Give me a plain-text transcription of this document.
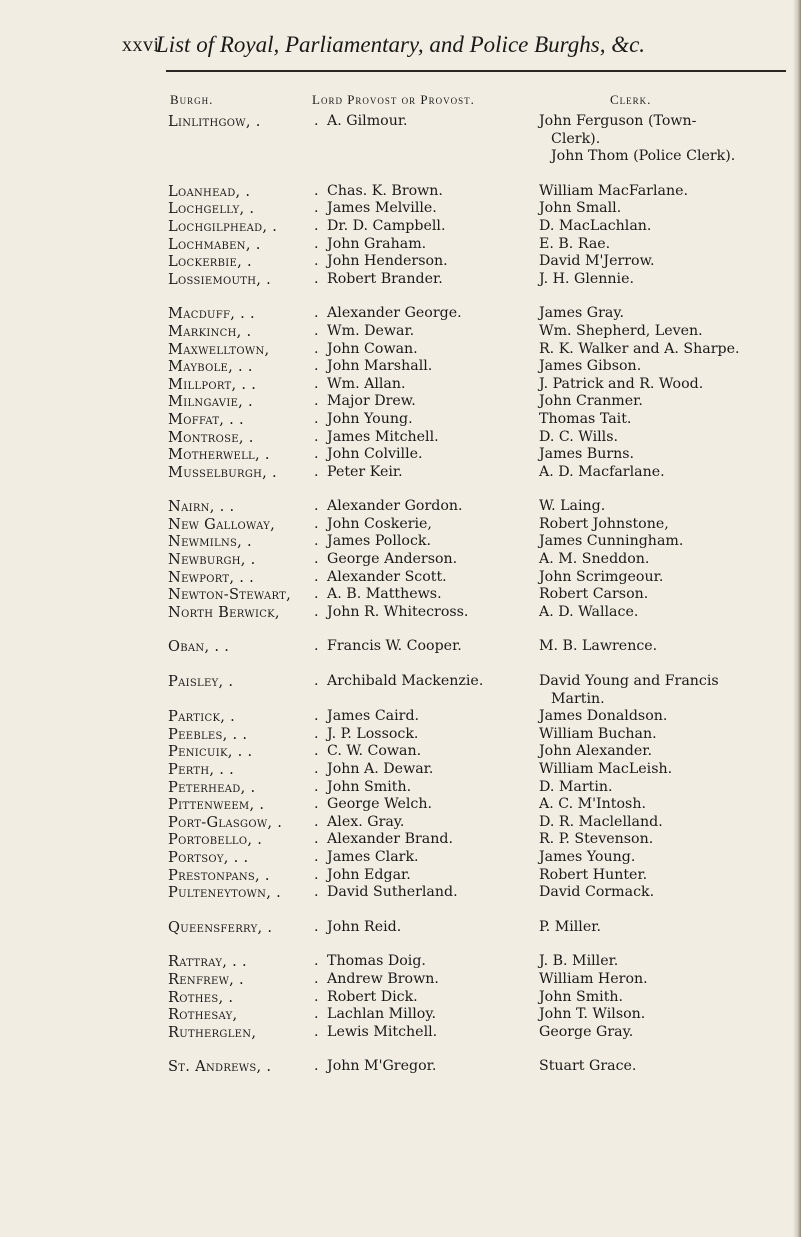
xxvi
List of Royal, Parliamentary, and Police Burghs, &c.
Burgh.	Lord Provost or Provost.	Clerk.
Linlithgow, .	. A. Gilmour.	John Ferguson (Town-
Clerk).
John Thom (Police Clerk).
Loanhead, .	. Chas. K. Brown.	William MacFarlane.
Lochgelly, .	. James Melville.	John Small.
Lochgilphead, .	. Dr. D. Campbell.	D. MacLachlan.
Lochmaben, .	. John Graham.	E. B. Rae.
Lockerbie, .	. John Henderson.	David M'Jerrow.
Lossiemouth, .	. Robert Brander.	J. H. Glennie.
Macduff, . .	. Alexander George.	James Gray.
Markinch, .	. Wm. Dewar.	Wm. Shepherd, Leven.
Maxwelltown,	. John Cowan.	R. K. Walker and A. Sharpe.
Maybole, . .	. John Marshall.	James Gibson.
Millport, . .	. Wm. Allan.	J. Patrick and R. Wood.
Milngavie, .	. Major Drew.	John Cranmer.
Moffat, . .	. John Young.	Thomas Tait.
Montrose, .	. James Mitchell.	D. C. Wills.
Motherwell, .	. John Colville.	James Burns.
Musselburgh, .	. Peter Keir.	A. D. Macfarlane.
Nairn, . .	. Alexander Gordon.	W. Laing.
New Galloway,	. John Coskerie,	Robert Johnstone,
Newmilns, .	. James Pollock.	James Cunningham.
Newburgh, .	. George Anderson.	A. M. Sneddon.
Newport, . .	. Alexander Scott.	John Scrimgeour.
Newton-Stewart,	. A. B. Matthews.	Robert Carson.
North Berwick,	. John R. Whitecross.	A. D. Wallace.
Oban, . .	. Francis W. Cooper.	M. B. Lawrence.
Paisley, .	. Archibald Mackenzie.	David Young and Francis
Martin.
Partick, .	. James Caird.	James Donaldson.
Peebles, . .	. J. P. Lossock.	William Buchan.
Penicuik, . .	. C. W. Cowan.	John Alexander.
Perth, . .	. John A. Dewar.	William MacLeish.
Peterhead, .	. John Smith.	D. Martin.
Pittenweem, .	. George Welch.	A. C. M'Intosh.
Port-Glasgow, .	. Alex. Gray.	D. R. Maclelland.
Portobello, .	. Alexander Brand.	R. P. Stevenson.
Portsoy, . .	. James Clark.	James Young.
Prestonpans, .	. John Edgar.	Robert Hunter.
Pulteneytown, .	. David Sutherland.	David Cormack.
Queensferry, .	. John Reid.	P. Miller.
Rattray, . .	. Thomas Doig.	J. B. Miller.
Renfrew, .	. Andrew Brown.	William Heron.
Rothes, .	. Robert Dick.	John Smith.
Rothesay,	. Lachlan Milloy.	John T. Wilson.
Rutherglen,	. Lewis Mitchell.	George Gray.
St. Andrews, .	. John M'Gregor.	Stuart Grace.
